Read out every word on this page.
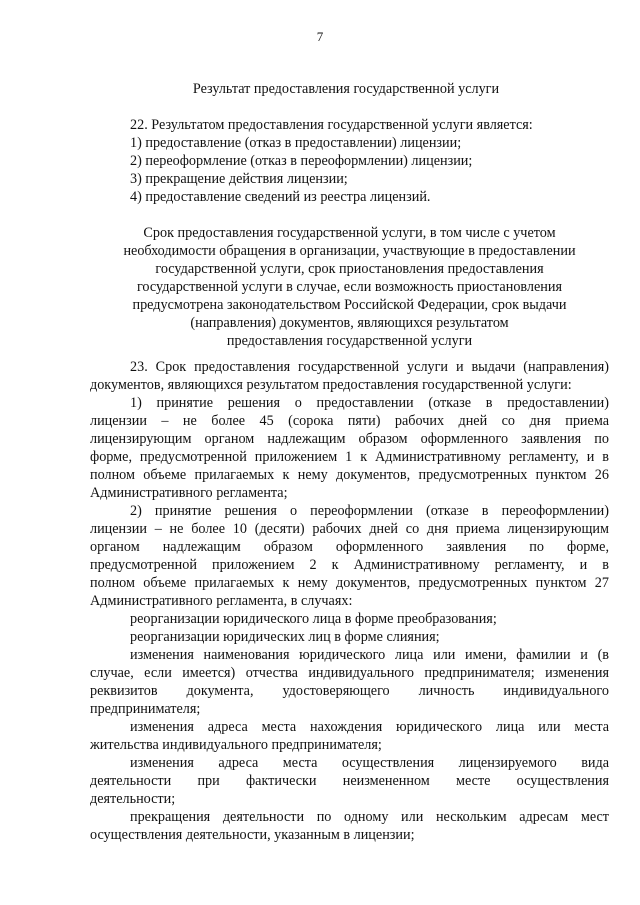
7
Результат предоставления государственной услуги
22. Результатом предоставления государственной услуги является:
1) предоставление (отказ в предоставлении) лицензии;
2) переоформление (отказ в переоформлении) лицензии;
3) прекращение действия лицензии;
4) предоставление сведений из реестра лицензий.
Срок предоставления государственной услуги, в том числе с учетом
необходимости обращения в организации, участвующие в предоставлении
государственной услуги, срок приостановления предоставления
государственной услуги в случае, если возможность приостановления
предусмотрена законодательством Российской Федерации, срок выдачи
(направления) документов, являющихся результатом
предоставления государственной услуги
23. Срок предоставления государственной услуги и выдачи (направления)
документов, являющихся результатом предоставления государственной услуги:
1) принятие решения о предоставлении (отказе в предоставлении)
лицензии – не более 45 (сорока пяти) рабочих дней со дня приема
лицензирующим органом надлежащим образом оформленного заявления по
форме, предусмотренной приложением 1 к Административному регламенту, и в
полном объеме прилагаемых к нему документов, предусмотренных пунктом 26
Административного регламента;
2) принятие решения о переоформлении (отказе в переоформлении)
лицензии – не более 10 (десяти) рабочих дней со дня приема лицензирующим
органом надлежащим образом оформленного заявления по форме,
предусмотренной приложением 2 к Административному регламенту, и в
полном объеме прилагаемых к нему документов, предусмотренных пунктом 27
Административного регламента, в случаях:
реорганизации юридического лица в форме преобразования;
реорганизации юридических лиц в форме слияния;
изменения наименования юридического лица или имени, фамилии и (в
случае, если имеется) отчества индивидуального предпринимателя; изменения
реквизитов документа, удостоверяющего личность индивидуального
предпринимателя;
изменения адреса места нахождения юридического лица или места
жительства индивидуального предпринимателя;
изменения адреса места осуществления лицензируемого вида
деятельности при фактически неизмененном месте осуществления
деятельности;
прекращения деятельности по одному или нескольким адресам мест
осуществления деятельности, указанным в лицензии;
